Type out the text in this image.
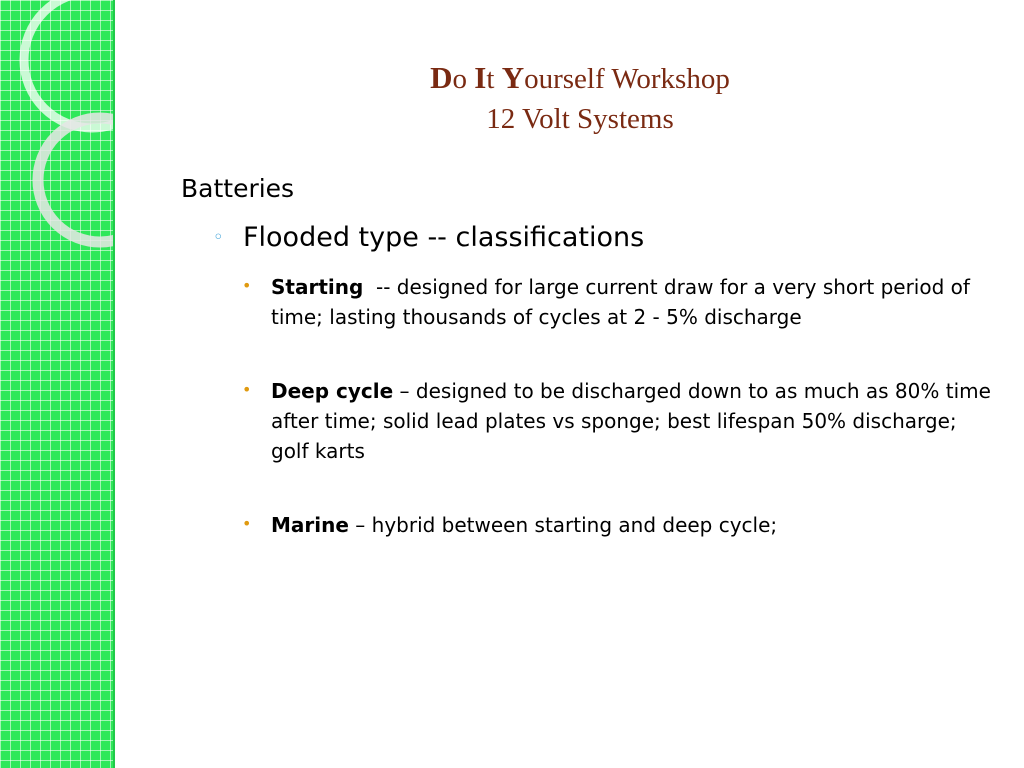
Do It Yourself Workshop
12 Volt Systems

Batteries

◦ Flooded type -- classifications
• Starting  -- designed for large current draw for a very short period of time; lasting thousands of cycles at 2 - 5% discharge
• Deep cycle – designed to be discharged down to as much as 80% time after time; solid lead plates vs sponge; best lifespan 50% discharge;  golf karts
• Marine – hybrid between starting and deep cycle;
